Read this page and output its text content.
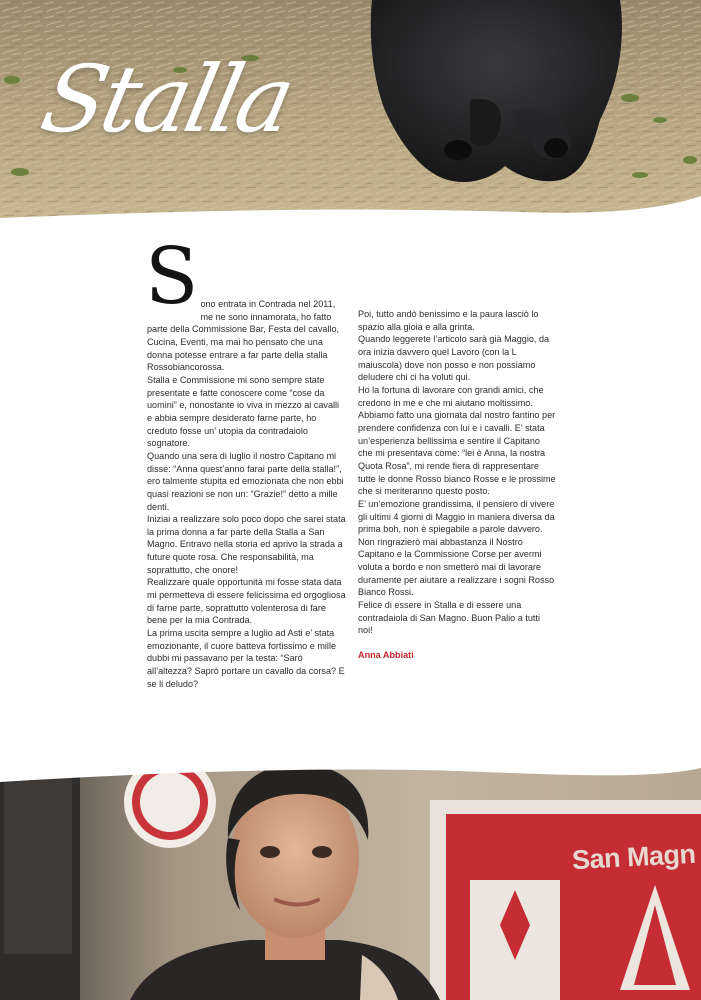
Stalla
S ono entrata in Contrada nel 2011, me ne sono innamorata, ho fatto parte della Commissione Bar, Festa del cavallo, Cucina, Eventi, ma mai ho pensato che una donna potesse entrare a far parte della stalla Rossobiancorossa.

Stalla e Commissione mi sono sempre state presentate e fatte conoscere come “cose da uomini” e, nonostante io viva in mezzo ai cavalli e abbia sempre desiderato farne parte, ho creduto fosse un’ utopia da contradaiolo sognatore.

Quando una sera di luglio il nostro Capitano mi disse: “Anna quest’anno farai parte della stalla!”, ero talmente stupita ed emozionata che non ebbi quasi reazioni se non un: “Grazie!” detto a mille denti.

Iniziai a realizzare solo poco dopo che sarei stata la prima donna a far parte della Stalla a San Magno. Entravo nella storia ed aprivo la strada a future quote rosa. Che responsabilità, ma soprattutto, che onore!

Realizzare quale opportunità mi fosse stata data mi permetteva di essere felicissima ed orgogliosa di farne parte, soprattutto volenterosa di fare bene per la mia Contrada.

La prima uscita sempre a luglio ad Asti e’ stata emozionante, il cuore batteva fortissimo e mille dubbi mi passavano per la testa: “Sarò all’altezza? Saprò portare un cavallo da corsa? E se li deludo?

Poi, tutto andò benissimo e la paura lasciò lo spazio alla gioia e alla grinta.

Quando leggerete l’articolo sarà già Maggio, da ora inizia davvero quel Lavoro (con la L maiuscola) dove non posso e non possiamo deludere chi ci ha voluti qui.

Ho la fortuna di lavorare con grandi amici, che credono in me e che mi aiutano moltissimo.

Abbiamo fatto una giornata dal nostro fantino per prendere confidenza con lui e i cavalli. E’ stata un’esperienza bellissima e sentire il Capitano che mi presentava come: “lei è Anna, la nostra Quota Rosa”, mi rende fiera di rappresentare tutte le donne Rosso bianco Rosse e le prossime che si meriteranno questo posto.

E’ un’emozione grandissima, il pensiero di vivere gli ultimi 4 giorni di Maggio in maniera diversa da prima boh, non è spiegabile a parole davvero.

Non ringrazierò mai abbastanza il Nostro Capitano e la Commissione Corse per avermi voluta a bordo e non smetterò mai di lavorare duramente per aiutare a realizzare i sogni Rosso Bianco Rossi.

Felice di essere in Stalla e di essere una contradaiola di San Magno. Buon Palio a tutti noi!

Anna Abbiati

San Magn
